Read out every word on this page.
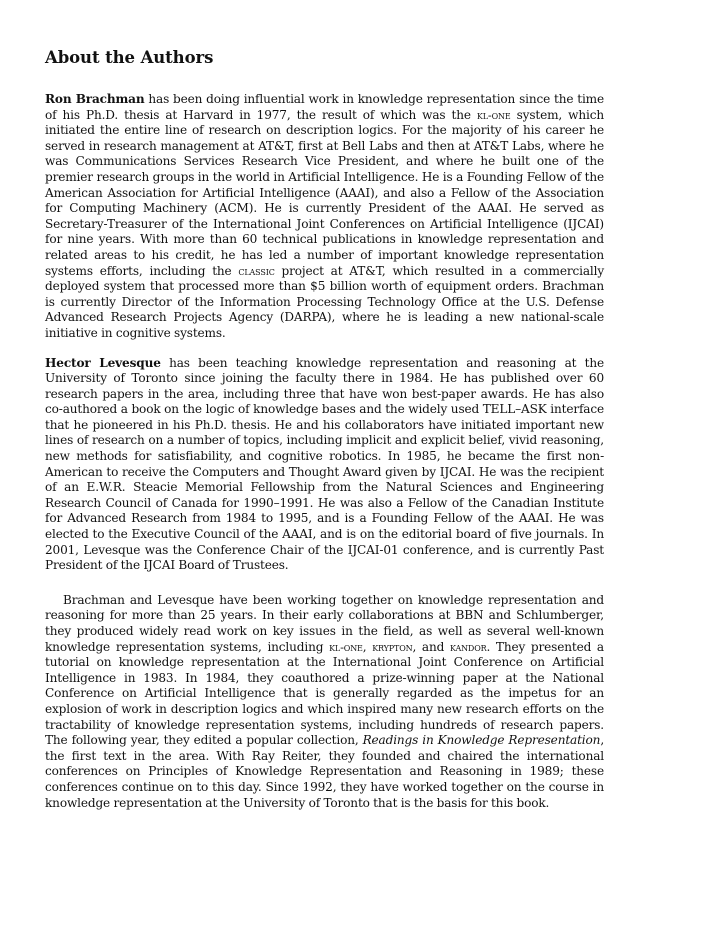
About the Authors

Ron Brachman has been doing influential work in knowledge representation since the time of his Ph.D. thesis at Harvard in 1977, the result of which was the kl-one system, which initiated the entire line of research on description logics. For the majority of his career he served in research management at AT&T, first at Bell Labs and then at AT&T Labs, where he was Communications Services Research Vice President, and where he built one of the premier research groups in the world in Artificial Intelligence. He is a Founding Fellow of the American Association for Artificial Intelligence (AAAI), and also a Fellow of the Association for Computing Machinery (ACM). He is currently President of the AAAI. He served as Secretary-Treasurer of the International Joint Conferences on Artificial Intelligence (IJCAI) for nine years. With more than 60 technical publications in knowledge representation and related areas to his credit, he has led a number of important knowledge representation systems efforts, including the classic project at AT&T, which resulted in a commercially deployed system that processed more than $5 billion worth of equipment orders. Brachman is currently Director of the Information Processing Technology Office at the U.S. Defense Advanced Research Projects Agency (DARPA), where he is leading a new national-scale initiative in cognitive systems.

Hector Levesque has been teaching knowledge representation and reasoning at the University of Toronto since joining the faculty there in 1984. He has published over 60 research papers in the area, including three that have won best-paper awards. He has also co-authored a book on the logic of knowledge bases and the widely used TELL–ASK interface that he pioneered in his Ph.D. thesis. He and his collaborators have initiated important new lines of research on a number of topics, including implicit and explicit belief, vivid reasoning, new methods for satisfiability, and cognitive robotics. In 1985, he became the first non-American to receive the Computers and Thought Award given by IJCAI. He was the recipient of an E.W.R. Steacie Memorial Fellowship from the Natural Sciences and Engineering Research Council of Canada for 1990–1991. He was also a Fellow of the Canadian Institute for Advanced Research from 1984 to 1995, and is a Founding Fellow of the AAAI. He was elected to the Executive Council of the AAAI, and is on the editorial board of five journals. In 2001, Levesque was the Conference Chair of the IJCAI-01 conference, and is currently Past President of the IJCAI Board of Trustees.

Brachman and Levesque have been working together on knowledge representation and reasoning for more than 25 years. In their early collaborations at BBN and Schlumberger, they produced widely read work on key issues in the field, as well as several well-known knowledge representation systems, including kl-one, krypton, and kandor. They presented a tutorial on knowledge representation at the International Joint Conference on Artificial Intelligence in 1983. In 1984, they coauthored a prize-winning paper at the National Conference on Artificial Intelligence that is generally regarded as the impetus for an explosion of work in description logics and which inspired many new research efforts on the tractability of knowledge representation systems, including hundreds of research papers. The following year, they edited a popular collection, Readings in Knowledge Representation, the first text in the area. With Ray Reiter, they founded and chaired the international conferences on Principles of Knowledge Representation and Reasoning in 1989; these conferences continue on to this day. Since 1992, they have worked together on the course in knowledge representation at the University of Toronto that is the basis for this book.
